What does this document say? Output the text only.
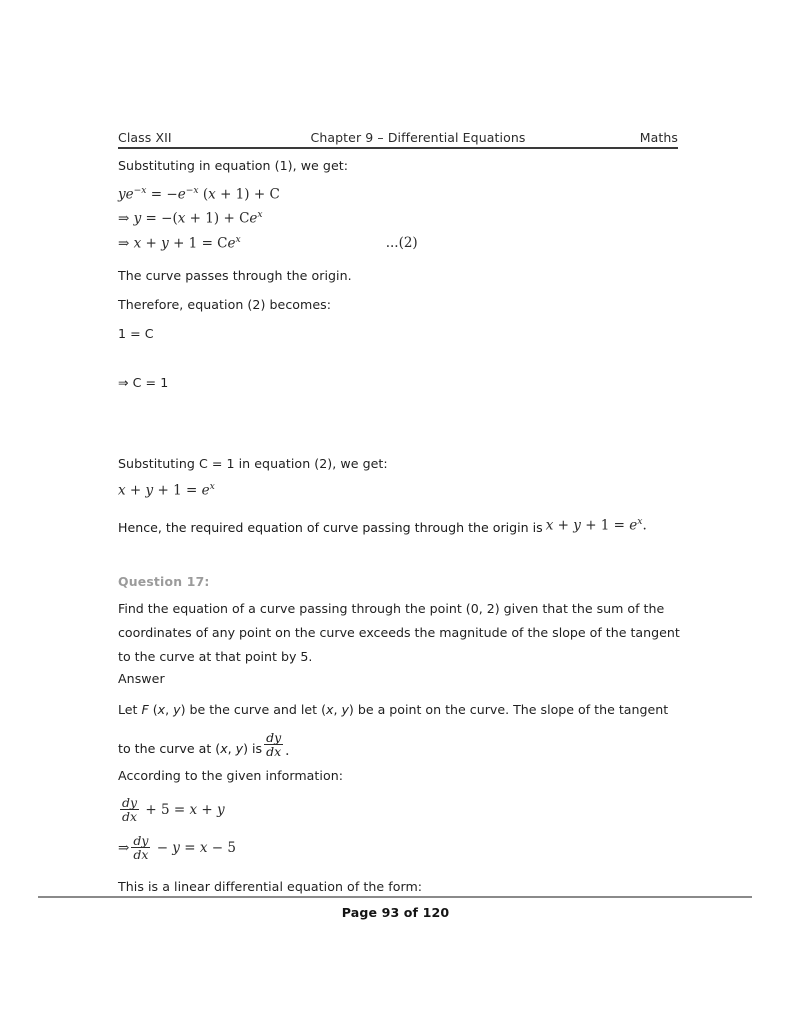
Class XII	Chapter 9 – Differential Equations	Maths
Substituting in equation (1), we get:
$ye^{-x} = -e^{-x}$ (x + 1) + C
⇒ $y = -(x + 1) + Ce^x$
⇒ $x + y + 1 = Ce^x$	...(2)
The curve passes through the origin.
Therefore, equation (2) becomes:
1 = C
⇒ C = 1
Substituting C = 1 in equation (2), we get:
$x + y + 1 = e^x$
Hence, the required equation of curve passing through the origin is $x + y + 1 = e^x$.
Question 17:
Find the equation of a curve passing through the point (0, 2) given that the sum of the
coordinates of any point on the curve exceeds the magnitude of the slope of the tangent
to the curve at that point by 5.
Answer
Let F (x, y) be the curve and let (x, y) be a point on the curve. The slope of the tangent
to the curve at (x, y) is $\frac{dy}{dx}$ .
According to the given information:
$\frac{dy}{dx} + 5 = x + y$
⇒ $\frac{dy}{dx} - y = x - 5$
This is a linear differential equation of the form:
Page 93 of 120
